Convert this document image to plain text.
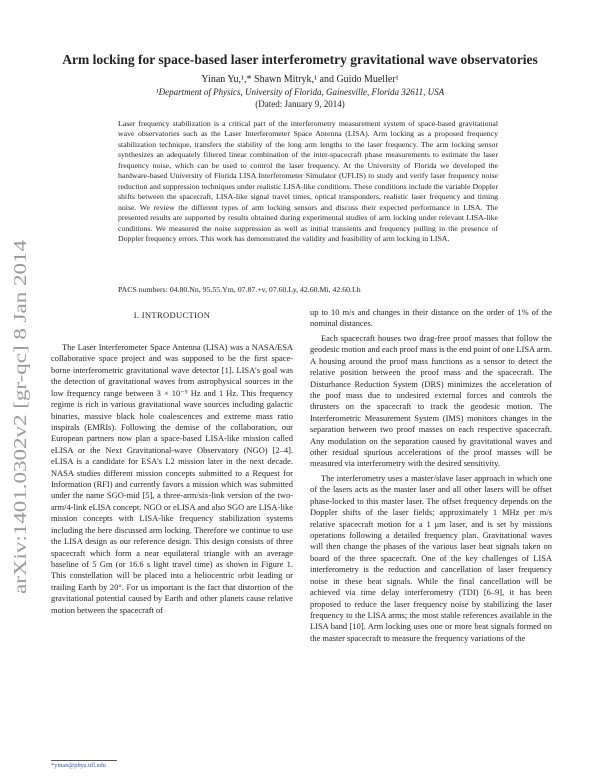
Arm locking for space-based laser interferometry gravitational wave observatories
Yinan Yu,¹,* Shawn Mitryk,¹ and Guido Mueller¹
¹Department of Physics, University of Florida, Gainesville, Florida 32611, USA
(Dated: January 9, 2014)
Laser frequency stabilization is a critical part of the interferometry measurement system of space-based gravitational wave observatories such as the Laser Interferometer Space Antenna (LISA). Arm locking as a proposed frequency stabilization technique, transfers the stability of the long arm lengths to the laser frequency. The arm locking sensor synthesizes an adequately filtered linear combination of the inter-spacecraft phase measurements to estimate the laser frequency noise, which can be used to control the laser frequency. At the University of Florida we developed the hardware-based University of Florida LISA Interferometer Simulator (UFLIS) to study and verify laser frequency noise reduction and suppression techniques under realistic LISA-like conditions. These conditions include the variable Doppler shifts between the spacecraft, LISA-like signal travel times, optical transponders, realistic laser frequency and timing noise. We review the different types of arm locking sensors and discuss their expected performance in LISA. The presented results are supported by results obtained during experimental studies of arm locking under relevant LISA-like conditions. We measured the noise suppression as well as initial transients and frequency pulling in the presence of Doppler frequency errors. This work has demonstrated the validity and feasibility of arm locking in LISA.
PACS numbers: 04.80.Nn, 95.55.Ym, 07.87.+v, 07.60.Ly, 42.60.Mi, 42.60.Lh
arXiv:1401.0302v2 [gr-qc] 8 Jan 2014
I. INTRODUCTION

The Laser Interferometer Space Antenna (LISA) was a NASA/ESA collaborative space project and was supposed to be the first space-borne interferometric gravitational wave detector [1]. LISA's goal was the detection of gravitational waves from astrophysical sources in the low frequency range between 3 × 10⁻⁵ Hz and 1 Hz. This frequency regime is rich in various gravitational wave sources including galactic binaries, massive black hole coalescences and extreme mass ratio inspirals (EMRIs). Following the demise of the collaboration, our European partners now plan a space-based LISA-like mission called eLISA or the Next Gravitational-wave Observatory (NGO) [2–4]. eLISA is a candidate for ESA's L2 mission later in the next decade. NASA studies different mission concepts submitted to a Request for Information (RFI) and currently favors a mission which was submitted under the name SGO-mid [5], a three-arm/six-link version of the two-arm/4-link eLISA concept. NGO or eLISA and also SGO are LISA-like mission concepts with LISA-like frequency stabilization systems including the here discussed arm locking. Therefore we continue to use the LISA design as our reference design. This design consists of three spacecraft which form a near equilateral triangle with an average baseline of 5 Gm (or 16.6 s light travel time) as shown in Figure 1. This constellation will be placed into a heliocentric orbit leading or trailing Earth by 20°. For us important is the fact that distortion of the gravitational potential caused by Earth and other planets cause relative motion between the spacecraft of

up to 10 m/s and changes in their distance on the order of 1% of the nominal distances.

Each spacecraft houses two drag-free proof masses that follow the geodesic motion and each proof mass is the end point of one LISA arm. A housing around the proof mass functions as a sensor to detect the relative position between the proof mass and the spacecraft. The Disturbance Reduction System (DRS) minimizes the acceleration of the poof mass due to undesired external forces and controls the thrusters on the spacecraft to track the geodesic motion. The Interferometric Measurement System (IMS) monitors changes in the separation between two proof masses on each respective spacecraft. Any modulation on the separation caused by gravitational waves and other residual spurious accelerations of the proof masses will be measured via interferometry with the desired sensitivity.

The interferometry uses a master/slave laser approach in which one of the lasers acts as the master laser and all other lasers will be offset phase-locked to this master laser. The offset frequency depends on the Doppler shifts of the laser fields; approximately 1 MHz per m/s relative spacecraft motion for a 1 μm laser, and is set by missions operations following a detailed frequency plan. Gravitational waves will then change the phases of the various laser beat signals taken on board of the three spacecraft. One of the key challenges of LISA interferometry is the reduction and cancellation of laser frequency noise in these beat signals. While the final cancellation will be achieved via time delay interferometry (TDI) [6–9], it has been proposed to reduce the laser frequency noise by stabilizing the laser frequency to the LISA arms; the most stable references available in the LISA band [10]. Arm locking uses one or more beat signals formed on the master spacecraft to measure the frequency variations of the

*yinan@phys.ufl.edu
